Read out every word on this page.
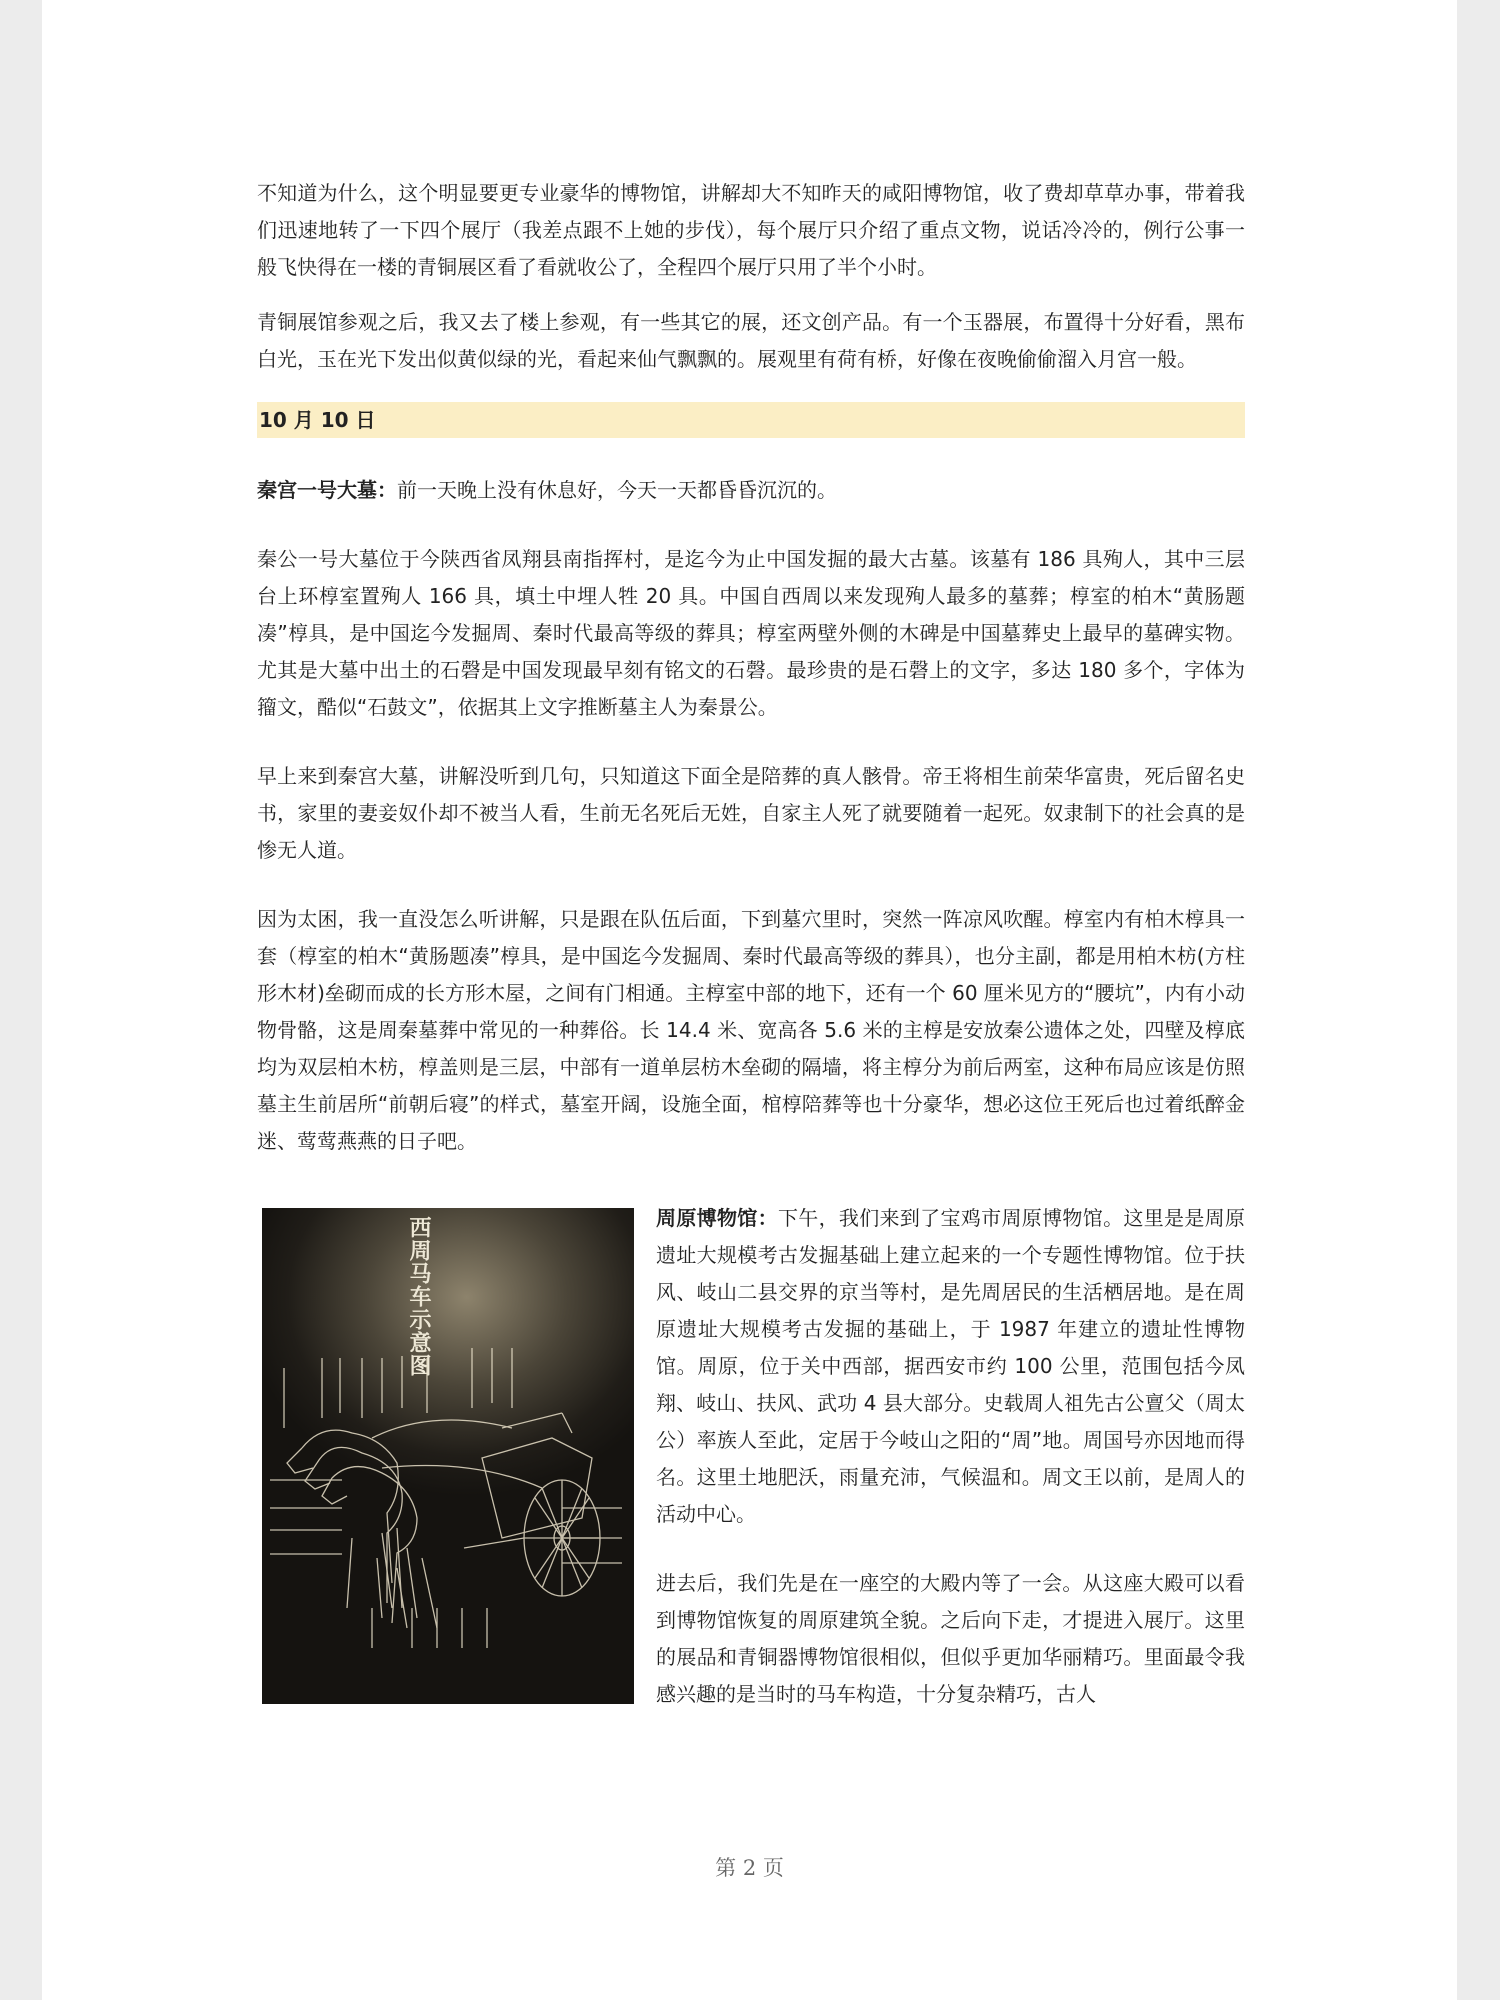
不知道为什么，这个明显要更专业豪华的博物馆，讲解却大不知昨天的咸阳博物馆，收了费却草草办事，带着我们迅速地转了一下四个展厅（我差点跟不上她的步伐），每个展厅只介绍了重点文物，说话冷冷的，例行公事一般飞快得在一楼的青铜展区看了看就收公了，全程四个展厅只用了半个小时。

青铜展馆参观之后，我又去了楼上参观，有一些其它的展，还文创产品。有一个玉器展，布置得十分好看，黑布白光，玉在光下发出似黄似绿的光，看起来仙气飘飘的。展观里有荷有桥，好像在夜晚偷偷溜入月宫一般。

10 月 10 日

秦宫一号大墓：前一天晚上没有休息好，今天一天都昏昏沉沉的。

秦公一号大墓位于今陕西省凤翔县南指挥村，是迄今为止中国发掘的最大古墓。该墓有 186 具殉人，其中三层台上环椁室置殉人 166 具，填土中埋人牲 20 具。中国自西周以来发现殉人最多的墓葬；椁室的柏木“黄肠题凑”椁具，是中国迄今发掘周、秦时代最高等级的葬具；椁室两壁外侧的木碑是中国墓葬史上最早的墓碑实物。尤其是大墓中出土的石磬是中国发现最早刻有铭文的石磬。最珍贵的是石磬上的文字，多达 180 多个，字体为籀文，酷似“石鼓文”，依据其上文字推断墓主人为秦景公。

早上来到秦宫大墓，讲解没听到几句，只知道这下面全是陪葬的真人骸骨。帝王将相生前荣华富贵，死后留名史书，家里的妻妾奴仆却不被当人看，生前无名死后无姓，自家主人死了就要随着一起死。奴隶制下的社会真的是惨无人道。

因为太困，我一直没怎么听讲解，只是跟在队伍后面，下到墓穴里时，突然一阵凉风吹醒。椁室内有柏木椁具一套（椁室的柏木“黄肠题凑”椁具，是中国迄今发掘周、秦时代最高等级的葬具），也分主副，都是用柏木枋(方柱形木材)垒砌而成的长方形木屋，之间有门相通。主椁室中部的地下，还有一个 60 厘米见方的“腰坑”，内有小动物骨骼，这是周秦墓葬中常见的一种葬俗。长 14.4 米、宽高各 5.6 米的主椁是安放秦公遗体之处，四壁及椁底均为双层柏木枋，椁盖则是三层，中部有一道单层枋木垒砌的隔墙，将主椁分为前后两室，这种布局应该是仿照墓主生前居所“前朝后寝”的样式，墓室开阔，设施全面，棺椁陪葬等也十分豪华，想必这位王死后也过着纸醉金迷、莺莺燕燕的日子吧。

西周马车示意图	周原博物馆：下午，我们来到了宝鸡市周原博物馆。这里是是周原遗址大规模考古发掘基础上建立起来的一个专题性博物馆。位于扶风、岐山二县交界的京当等村，是先周居民的生活栖居地。是在周原遗址大规模考古发掘的基础上，于 1987 年建立的遗址性博物馆。周原，位于关中西部，据西安市约 100 公里，范围包括今凤翔、岐山、扶风、武功 4 县大部分。史载周人祖先古公亶父（周太公）率族人至此，定居于今岐山之阳的“周”地。周国号亦因地而得名。这里土地肥沃，雨量充沛，气候温和。周文王以前，是周人的活动中心。

进去后，我们先是在一座空的大殿内等了一会。从这座大殿可以看到博物馆恢复的周原建筑全貌。之后向下走，才提进入展厅。这里的展品和青铜器博物馆很相似，但似乎更加华丽精巧。里面最令我感兴趣的是当时的马车构造，十分复杂精巧，古人

第 2 页
